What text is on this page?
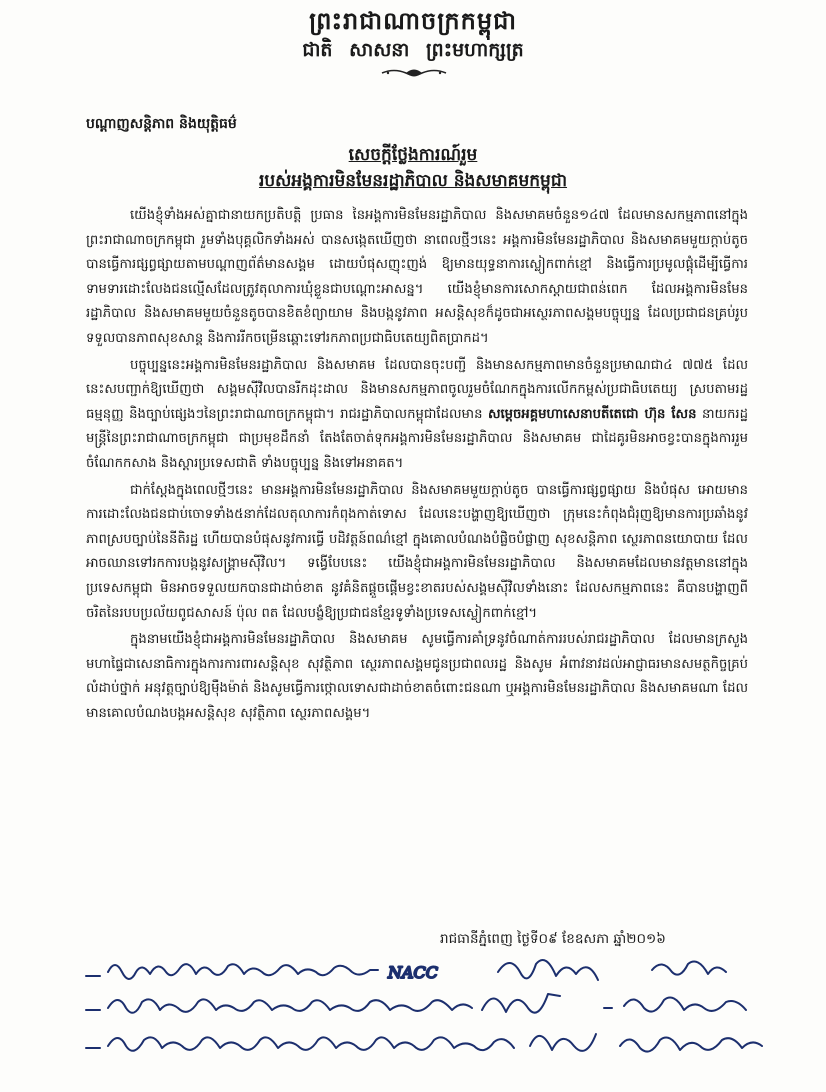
ព្រះរាជាណាចក្រកម្ពុជា
ជាតិ សាសនា ព្រះមហាក្សត្រ
បណ្តាញសន្តិភាព និងយុត្តិធម៌
សេចក្តីថ្លែងការណ៍រួម
របស់អង្គការមិនមែនរដ្ឋាភិបាល និងសមាគមកម្ពុជា

យើងខ្ញុំទាំងអស់គ្នាជានាយកប្រតិបត្តិ ប្រធាន នៃអង្គការមិនមែនរដ្ឋាភិបាល និងសមាគមចំនួន១៤៧ ដែលមានសកម្មភាពនៅក្នុងព្រះរាជាណាចក្រកម្ពុជា រួមទាំងបុគ្គលិកទាំងអស់ បានសង្កេតឃើញថា នាពេលថ្មីៗនេះ អង្គការមិនមែនរដ្ឋាភិបាល និងសមាគមមួយក្តាប់តូច បានធ្វើការផ្សព្វផ្សាយតាមបណ្តាញព័ត៌មានសង្គម ដោយបំផុសញុះញង់ ឱ្យមានយុទ្ធនាការស្លៀកពាក់ខ្មៅ និងធ្វើការប្រមូលផ្តុំដើម្បីធ្វើការទាមទារដោះលែងជនល្មើសដែលត្រូវតុលាការឃុំខ្លួនជាបណ្តោះអាសន្ន។ យើងខ្ញុំមានការសោកស្តាយជាពន់ពេក ដែលអង្គការមិនមែនរដ្ឋាភិបាល និងសមាគមមួយចំនួនតូចបានខិតខំព្យាយាម និងបង្កនូវភាព អសន្តិសុខក៏ដូចជាអស្ថេរភាពសង្គមបច្ចុប្បន្ន ដែលប្រជាជនគ្រប់រូបទទួលបានភាពសុខសាន្ត និងការរីកចម្រើនឆ្ពោះទៅរកភាពប្រជាធិបតេយ្យពិតប្រាកដ។

បច្ចុប្បន្ននេះអង្គការមិនមែនរដ្ឋាភិបាល និងសមាគម ដែលបានចុះបញ្ជី និងមានសកម្មភាពមានចំនួនប្រមាណជា៤ ៧៧៥ ដែលនេះសបញ្ជាក់ឱ្យឃើញថា សង្គមស៊ីវិលបានរីកដុះដាល និងមានសកម្មភាពចូលរួមចំណែកក្នុងការលើកកម្ពស់ប្រជាធិបតេយ្យ ស្របតាមរដ្ឋធម្មនុញ្ញ និងច្បាប់ផ្សេងៗនៃព្រះរាជាណាចក្រកម្ពុជា។ រាជរដ្ឋាភិបាលកម្ពុជាដែលមាន សម្តេចអគ្គមហាសេនាបតីតេជោ ហ៊ុន សែន នាយករដ្ឋមន្ត្រីនៃព្រះរាជាណាចក្រកម្ពុជា ជាប្រមុខដឹកនាំ តែងតែចាត់ទុកអង្គការមិនមែនរដ្ឋាភិបាល និងសមាគម ជាដៃគូរមិនអាចខ្វះបានក្នុងការរួមចំណែកកសាង និងស្តារប្រទេសជាតិ ទាំងបច្ចុប្បន្ន និងទៅអនាគត។

ជាក់ស្តែងក្នុងពេលថ្មីៗនេះ មានអង្គការមិនមែនរដ្ឋាភិបាល និងសមាគមមួយក្តាប់តូច បានធ្វើការផ្សព្វផ្សាយ និងបំផុស អោយមានការដោះលែងជនជាប់ចោទទាំង៥នាក់ដែលតុលាការកំពុងកាត់ទោស ដែលនេះបង្ហាញឱ្យឃើញថា ក្រុមនេះកំពុងជំរុញឱ្យមានការប្រឆាំងនូវភាពស្របច្បាប់នៃនីតិរដ្ឋ ហើយបានបំផុសនូវការធ្វើ បដិវត្តន៍ពណ៌ខ្មៅ ក្នុងគោលបំណងបំផ្លិចបំផ្លាញ សុខសន្តិភាព ស្ថេរភាពនយោបាយ ដែលអាចឈានទៅរកការបង្កនូវសង្គ្រាមស៊ីវិល។ ទង្វើបែបនេះ យើងខ្ញុំជាអង្គការមិនមែនរដ្ឋាភិបាល និងសមាគមដែលមានវត្តមាននៅក្នុងប្រទេសកម្ពុជា មិនអាចទទួលយកបានជាដាច់ខាត នូវគំនិតផ្តួចផ្តើមខ្វះខាតរបស់សង្គមស៊ីវិលទាំងនោះ ដែលសកម្មភាពនេះ គឺបានបង្ហាញពីចរិតនៃរបបប្រល័យពូជសាសន៍ ប៉ុល ពត ដែលបង្ខំឱ្យប្រជាជនខ្មែរទូទាំងប្រទេសស្លៀកពាក់ខ្មៅ។

ក្នុងនាមយើងខ្ញុំជាអង្គការមិនមែនរដ្ឋាភិបាល និងសមាគម សូមធ្វើការគាំទ្រនូវចំណាត់ការរបស់រាជរដ្ឋាភិបាល ដែលមានក្រសួងមហាផ្ទៃជាសេនាធិការក្នុងការការពារសន្តិសុខ សុវត្ថិភាព ស្ថេរភាពសង្គមជូនប្រជាពលរដ្ឋ និងសូម អំពាវនាវដល់អាជ្ញាធរមានសមត្ថកិច្ចគ្រប់លំដាប់ថ្នាក់ អនុវត្តច្បាប់ឱ្យម៉ឺងម៉ាត់ និងសូមធ្វើការថ្កោលទោសជាដាច់ខាតចំពោះជនណា ឬអង្គការមិនមែនរដ្ឋាភិបាល និងសមាគមណា ដែលមានគោលបំណងបង្កអសន្តិសុខ សុវត្ថិភាព ស្ថេរភាពសង្គម។

រាជធានីភ្នំពេញ ថ្ងៃទី០៩ ខែឧសភា ឆ្នាំ២០១៦
NACC
